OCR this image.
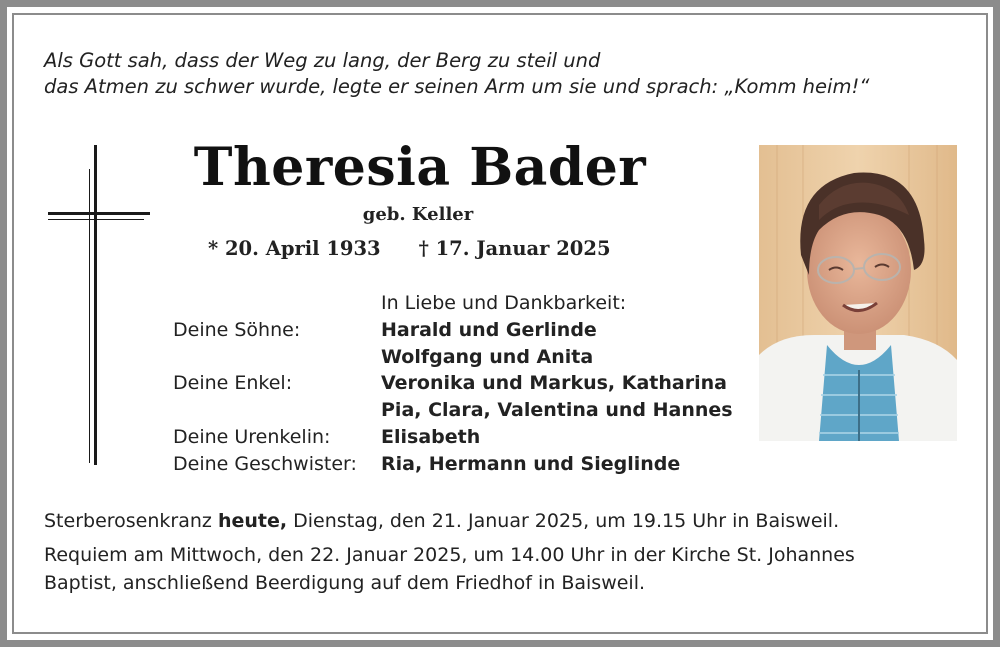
Als Gott sah, dass der Weg zu lang, der Berg zu steil und
das Atmen zu schwer wurde, legte er seinen Arm um sie und sprach: „Komm heim!“
Theresia Bader
geb. Keller
* 20. April 1933 † 17. Januar 2025
In Liebe und Dankbarkeit:
Deine Söhne:	Harald und Gerlinde
Wolfgang und Anita
Deine Enkel:	Veronika und Markus, Katharina
Pia, Clara, Valentina und Hannes
Deine Urenkelin:	Elisabeth
Deine Geschwister:	Ria, Hermann und Sieglinde
Sterberosenkranz heute, Dienstag, den 21. Januar 2025, um 19.15 Uhr in Baisweil.
Requiem am Mittwoch, den 22. Januar 2025, um 14.00 Uhr in der Kirche St. Johannes
Baptist, anschließend Beerdigung auf dem Friedhof in Baisweil.
